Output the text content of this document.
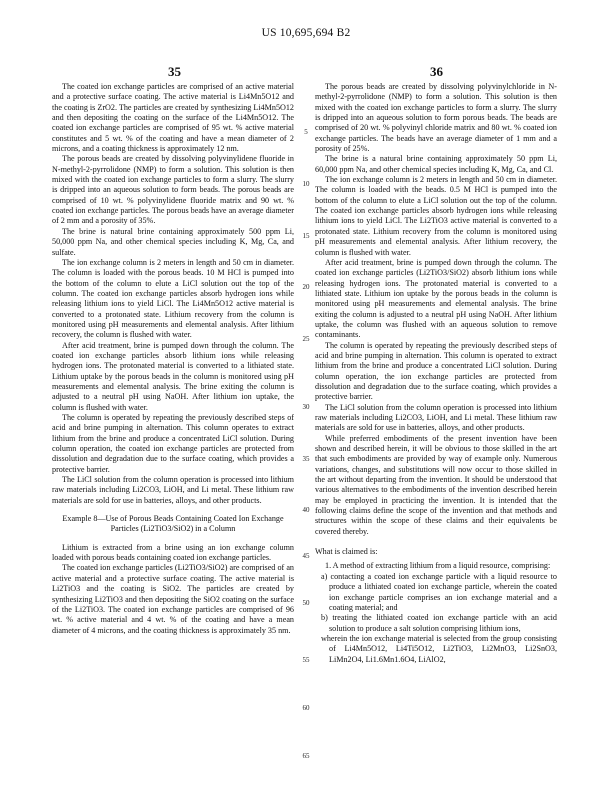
US 10,695,694 B2
35	36

The coated ion exchange particles are comprised of an active material and a protective surface coating. The active material is Li4Mn5O12 and the coating is ZrO2. The particles are created by synthesizing Li4Mn5O12 and then depositing the coating on the surface of the Li4Mn5O12. The coated ion exchange particles are comprised of 95 wt. % active material constitutes and 5 wt. % of the coating and have a mean diameter of 2 microns, and a coating thickness is approximately 12 nm.

The porous beads are created by dissolving polyvinylidene fluoride in N-methyl-2-pyrrolidone (NMP) to form a solution. This solution is then mixed with the coated ion exchange particles to form a slurry. The slurry is dripped into an aqueous solution to form beads. The porous beads are comprised of 10 wt. % polyvinylidene fluoride matrix and 90 wt. % coated ion exchange particles. The porous beads have an average diameter of 2 mm and a porosity of 35%.

The brine is natural brine containing approximately 500 ppm Li, 50,000 ppm Na, and other chemical species including K, Mg, Ca, and sulfate.

The ion exchange column is 2 meters in length and 50 cm in diameter. The column is loaded with the porous beads. 10 M HCl is pumped into the bottom of the column to elute a LiCl solution out the top of the column. The coated ion exchange particles absorb hydrogen ions while releasing lithium ions to yield LiCl. The Li4Mn5O12 active material is converted to a protonated state. Lithium recovery from the column is monitored using pH measurements and elemental analysis. After lithium recovery, the column is flushed with water.

After acid treatment, brine is pumped down through the column. The coated ion exchange particles absorb lithium ions while releasing hydrogen ions. The protonated material is converted to a lithiated state. Lithium uptake by the porous beads in the column is monitored using pH measurements and elemental analysis. The brine exiting the column is adjusted to a neutral pH using NaOH. After lithium ion uptake, the column is flushed with water.

The column is operated by repeating the previously described steps of acid and brine pumping in alternation. This column operates to extract lithium from the brine and produce a concentrated LiCl solution. During column operation, the coated ion exchange particles are protected from dissolution and degradation due to the surface coating, which provides a protective barrier.

The LiCl solution from the column operation is processed into lithium raw materials including Li2CO3, LiOH, and Li metal. These lithium raw materials are sold for use in batteries, alloys, and other products.

Example 8—Use of Porous Beads Containing Coated Ion Exchange Particles (Li2TiO3/SiO2) in a Column

Lithium is extracted from a brine using an ion exchange column loaded with porous beads containing coated ion exchange particles.

The coated ion exchange particles (Li2TiO3/SiO2) are comprised of an active material and a protective surface coating. The active material is Li2TiO3 and the coating is SiO2. The particles are created by synthesizing Li2TiO3 and then depositing the SiO2 coating on the surface of the Li2TiO3. The coated ion exchange particles are comprised of 96 wt. % active material and 4 wt. % of the coating and have a mean diameter of 4 microns, and the coating thickness is approximately 35 nm.

The porous beads are created by dissolving polyvinylchloride in N-methyl-2-pyrrolidone (NMP) to form a solution. This solution is then mixed with the coated ion exchange particles to form a slurry. The slurry is dripped into an aqueous solution to form porous beads. The beads are comprised of 20 wt. % polyvinyl chloride matrix and 80 wt. % coated ion exchange particles. The beads have an average diameter of 1 mm and a porosity of 25%.

The brine is a natural brine containing approximately 50 ppm Li, 60,000 ppm Na, and other chemical species including K, Mg, Ca, and Cl.

The ion exchange column is 2 meters in length and 50 cm in diameter. The column is loaded with the beads. 0.5 M HCl is pumped into the bottom of the column to elute a LiCl solution out the top of the column. The coated ion exchange particles absorb hydrogen ions while releasing lithium ions to yield LiCl. The Li2TiO3 active material is converted to a protonated state. Lithium recovery from the column is monitored using pH measurements and elemental analysis. After lithium recovery, the column is flushed with water.

After acid treatment, brine is pumped down through the column. The coated ion exchange particles (Li2TiO3/SiO2) absorb lithium ions while releasing hydrogen ions. The protonated material is converted to a lithiated state. Lithium ion uptake by the porous beads in the column is monitored using pH measurements and elemental analysis. The brine exiting the column is adjusted to a neutral pH using NaOH. After lithium uptake, the column was flushed with an aqueous solution to remove contaminants.

The column is operated by repeating the previously described steps of acid and brine pumping in alternation. This column is operated to extract lithium from the brine and produce a concentrated LiCl solution. During column operation, the ion exchange particles are protected from dissolution and degradation due to the surface coating, which provides a protective barrier.

The LiCl solution from the column operation is processed into lithium raw materials including Li2CO3, LiOH, and Li metal. These lithium raw materials are sold for use in batteries, alloys, and other products.

While preferred embodiments of the present invention have been shown and described herein, it will be obvious to those skilled in the art that such embodiments are provided by way of example only. Numerous variations, changes, and substitutions will now occur to those skilled in the art without departing from the invention. It should be understood that various alternatives to the embodiments of the invention described herein may be employed in practicing the invention. It is intended that the following claims define the scope of the invention and that methods and structures within the scope of these claims and their equivalents be covered thereby.

What is claimed is:

1. A method of extracting lithium from a liquid resource, comprising:

a) contacting a coated ion exchange particle with a liquid resource to produce a lithiated coated ion exchange particle, wherein the coated ion exchange particle comprises an ion exchange material and a coating material; and

b) treating the lithiated coated ion exchange particle with an acid solution to produce a salt solution comprising lithium ions,

wherein the ion exchange material is selected from the group consisting of Li4Mn5O12, Li4Ti5O12, Li2TiO3, Li2MnO3, Li2SnO3, LiMn2O4, Li1.6Mn1.6O4, LiAlO2,

5
10
15
20
25
30
35
40
45
50
55
60
65
